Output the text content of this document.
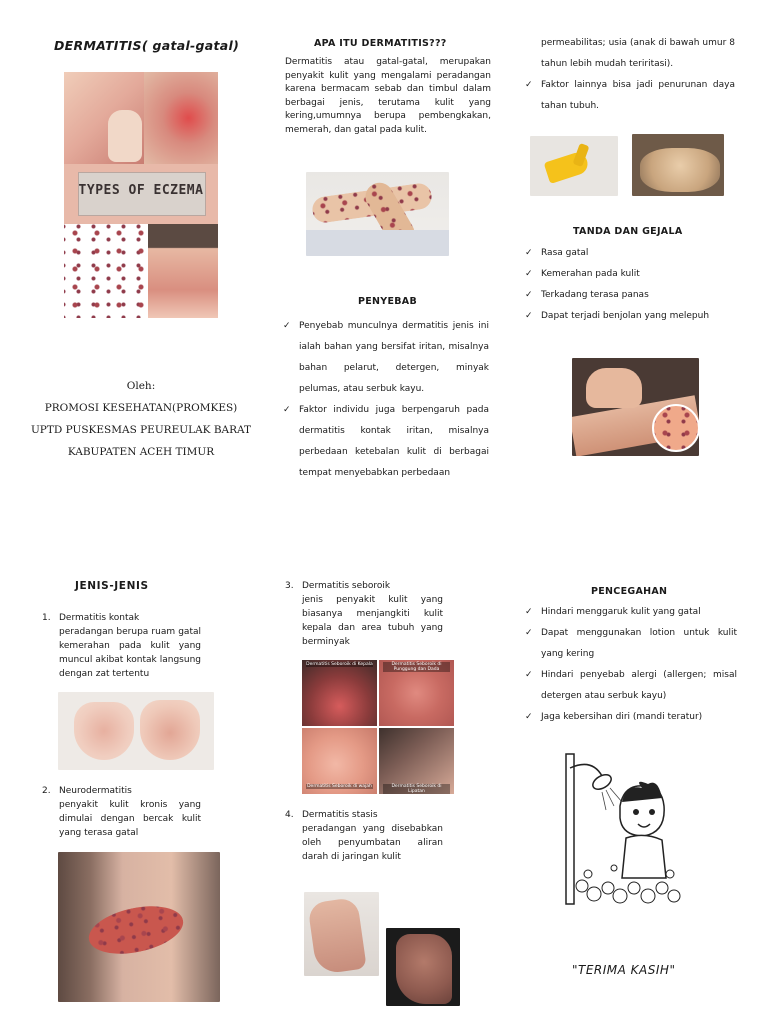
DERMATITIS( gatal-gatal)
TYPES OF ECZEMA
Oleh:
PROMOSI KESEHATAN(PROMKES)
UPTD PUSKESMAS PEUREULAK BARAT
KABUPATEN ACEH TIMUR
APA ITU DERMATITIS???
Dermatitis atau gatal-gatal, merupakan penyakit kulit yang mengalami peradangan karena bermacam sebab dan timbul dalam berbagai jenis, terutama kulit yang kering,umumnya berupa pembengkakan, memerah, dan gatal pada kulit.
PENYEBAB
✓ Penyebab munculnya dermatitis jenis ini ialah bahan yang bersifat iritan, misalnya bahan pelarut, detergen, minyak pelumas, atau serbuk kayu.
✓ Faktor individu juga berpengaruh pada dermatitis kontak iritan, misalnya perbedaan ketebalan kulit di berbagai tempat menyebabkan perbedaan
permeabilitas; usia (anak di bawah umur 8 tahun lebih mudah teriritasi).
✓ Faktor lainnya bisa jadi penurunan daya tahan tubuh.
TANDA DAN GEJALA
✓ Rasa gatal
✓ Kemerahan pada kulit
✓ Terkadang terasa panas
✓ Dapat terjadi benjolan yang melepuh
JENIS-JENIS
1. Dermatitis kontak
peradangan berupa ruam gatal kemerahan pada kulit yang muncul akibat kontak langsung dengan zat tertentu
2. Neurodermatitis
penyakit kulit kronis yang dimulai dengan bercak kulit yang terasa gatal
3. Dermatitis seboroik
jenis penyakit kulit yang biasanya menjangkiti kulit kepala dan area tubuh yang berminyak
Dermatitis Seboroik di Kepala	Dermatitis Seboroik di Punggung dan Dada
Dermatitis Seboroik di wajah	Dermatitis Seboroik di Lipatan
4. Dermatitis stasis
peradangan yang disebabkan oleh penyumbatan aliran darah di jaringan kulit
PENCEGAHAN
✓ Hindari menggaruk kulit yang gatal
✓ Dapat menggunakan lotion untuk kulit yang kering
✓ Hindari penyebab alergi (allergen; misal detergen atau serbuk kayu)
✓ Jaga kebersihan diri (mandi teratur)
"TERIMA KASIH"
